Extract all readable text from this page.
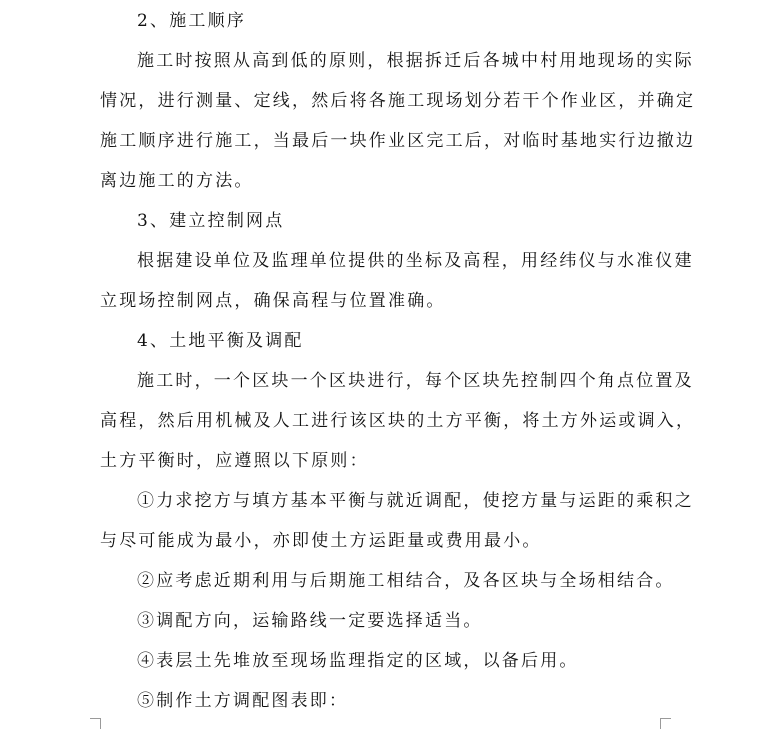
2、施工顺序
施工时按照从高到低的原则，根据拆迁后各城中村用地现场的实际
情况，进行测量、定线，然后将各施工现场划分若干个作业区，并确定
施工顺序进行施工，当最后一块作业区完工后，对临时基地实行边撤边
离边施工的方法。
3、建立控制网点
根据建设单位及监理单位提供的坐标及高程，用经纬仪与水准仪建
立现场控制网点，确保高程与位置准确。
4、土地平衡及调配
施工时，一个区块一个区块进行，每个区块先控制四个角点位置及
高程，然后用机械及人工进行该区块的土方平衡，将土方外运或调入，
土方平衡时，应遵照以下原则：
①力求挖方与填方基本平衡与就近调配，使挖方量与运距的乘积之
与尽可能成为最小，亦即使土方运距量或费用最小。
②应考虑近期利用与后期施工相结合，及各区块与全场相结合。
③调配方向，运输路线一定要选择适当。
④表层土先堆放至现场监理指定的区域，以备后用。
⑤制作土方调配图表即：
